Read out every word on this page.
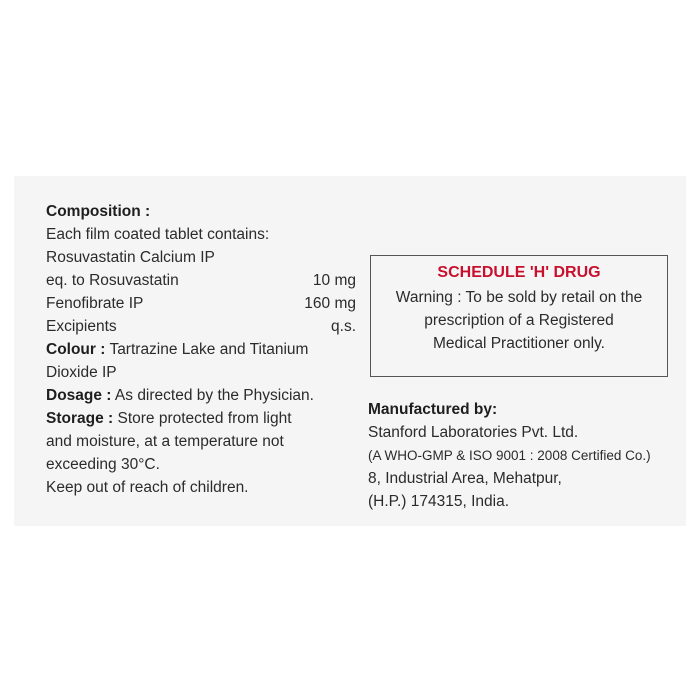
Composition :
Each film coated tablet contains:
Rosuvastatin Calcium IP
eq. to Rosuvastatin	10 mg
Fenofibrate IP	160 mg
Excipients	q.s.
Colour : Tartrazine Lake and Titanium
Dioxide IP
Dosage : As directed by the Physician.
Storage : Store protected from light
and moisture, at a temperature not
exceeding 30°C.
Keep out of reach of children.
SCHEDULE 'H' DRUG
Warning : To be sold by retail on the
prescription of a Registered
Medical Practitioner only.
Manufactured by:
Stanford Laboratories Pvt. Ltd.
(A WHO-GMP & ISO 9001 : 2008 Certified Co.)
8, Industrial Area, Mehatpur,
(H.P.) 174315, India.
